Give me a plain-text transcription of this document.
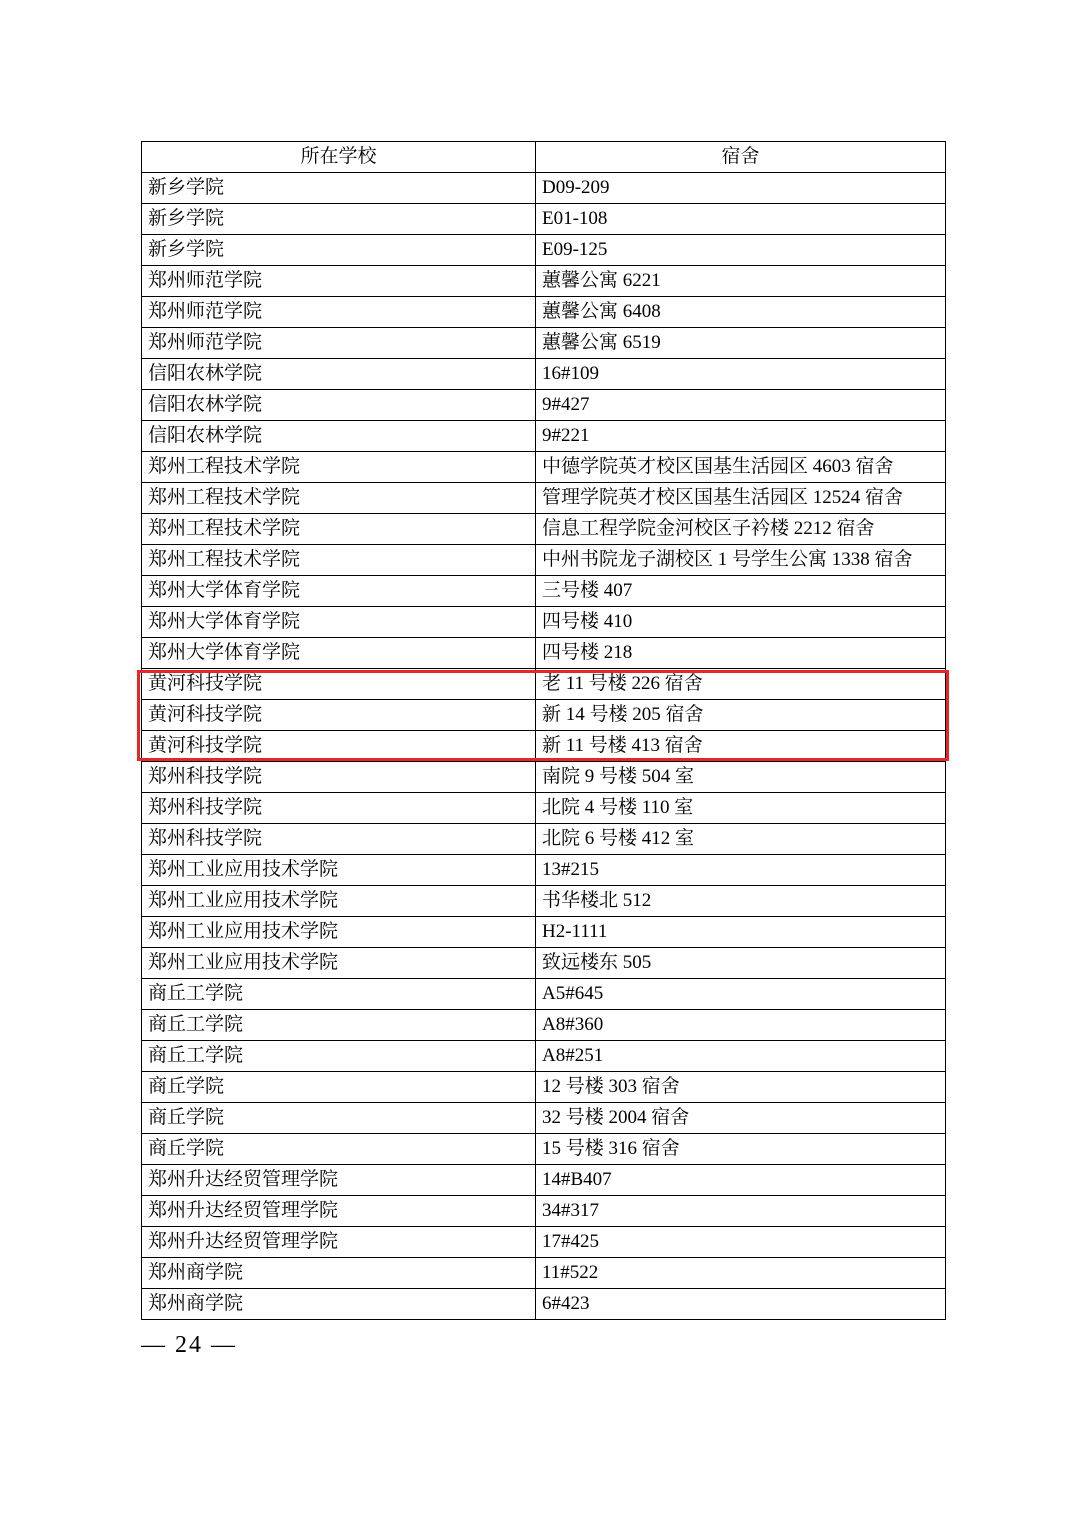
所在学校	宿舍
新乡学院	D09-209
新乡学院	E01-108
新乡学院	E09-125
郑州师范学院	蕙馨公寓 6221
郑州师范学院	蕙馨公寓 6408
郑州师范学院	蕙馨公寓 6519
信阳农林学院	16#109
信阳农林学院	9#427
信阳农林学院	9#221
郑州工程技术学院	中德学院英才校区国基生活园区 4603 宿舍
郑州工程技术学院	管理学院英才校区国基生活园区 12524 宿舍
郑州工程技术学院	信息工程学院金河校区子衿楼 2212 宿舍
郑州工程技术学院	中州书院龙子湖校区 1 号学生公寓 1338 宿舍
郑州大学体育学院	三号楼 407
郑州大学体育学院	四号楼 410
郑州大学体育学院	四号楼 218
黄河科技学院	老 11 号楼 226 宿舍
黄河科技学院	新 14 号楼 205 宿舍
黄河科技学院	新 11 号楼 413 宿舍
郑州科技学院	南院 9 号楼 504 室
郑州科技学院	北院 4 号楼 110 室
郑州科技学院	北院 6 号楼 412 室
郑州工业应用技术学院	13#215
郑州工业应用技术学院	书华楼北 512
郑州工业应用技术学院	H2-1111
郑州工业应用技术学院	致远楼东 505
商丘工学院	A5#645
商丘工学院	A8#360
商丘工学院	A8#251
商丘学院	12 号楼 303 宿舍
商丘学院	32 号楼 2004 宿舍
商丘学院	15 号楼 316 宿舍
郑州升达经贸管理学院	14#B407
郑州升达经贸管理学院	34#317
郑州升达经贸管理学院	17#425
郑州商学院	11#522
郑州商学院	6#423
— 24 —
